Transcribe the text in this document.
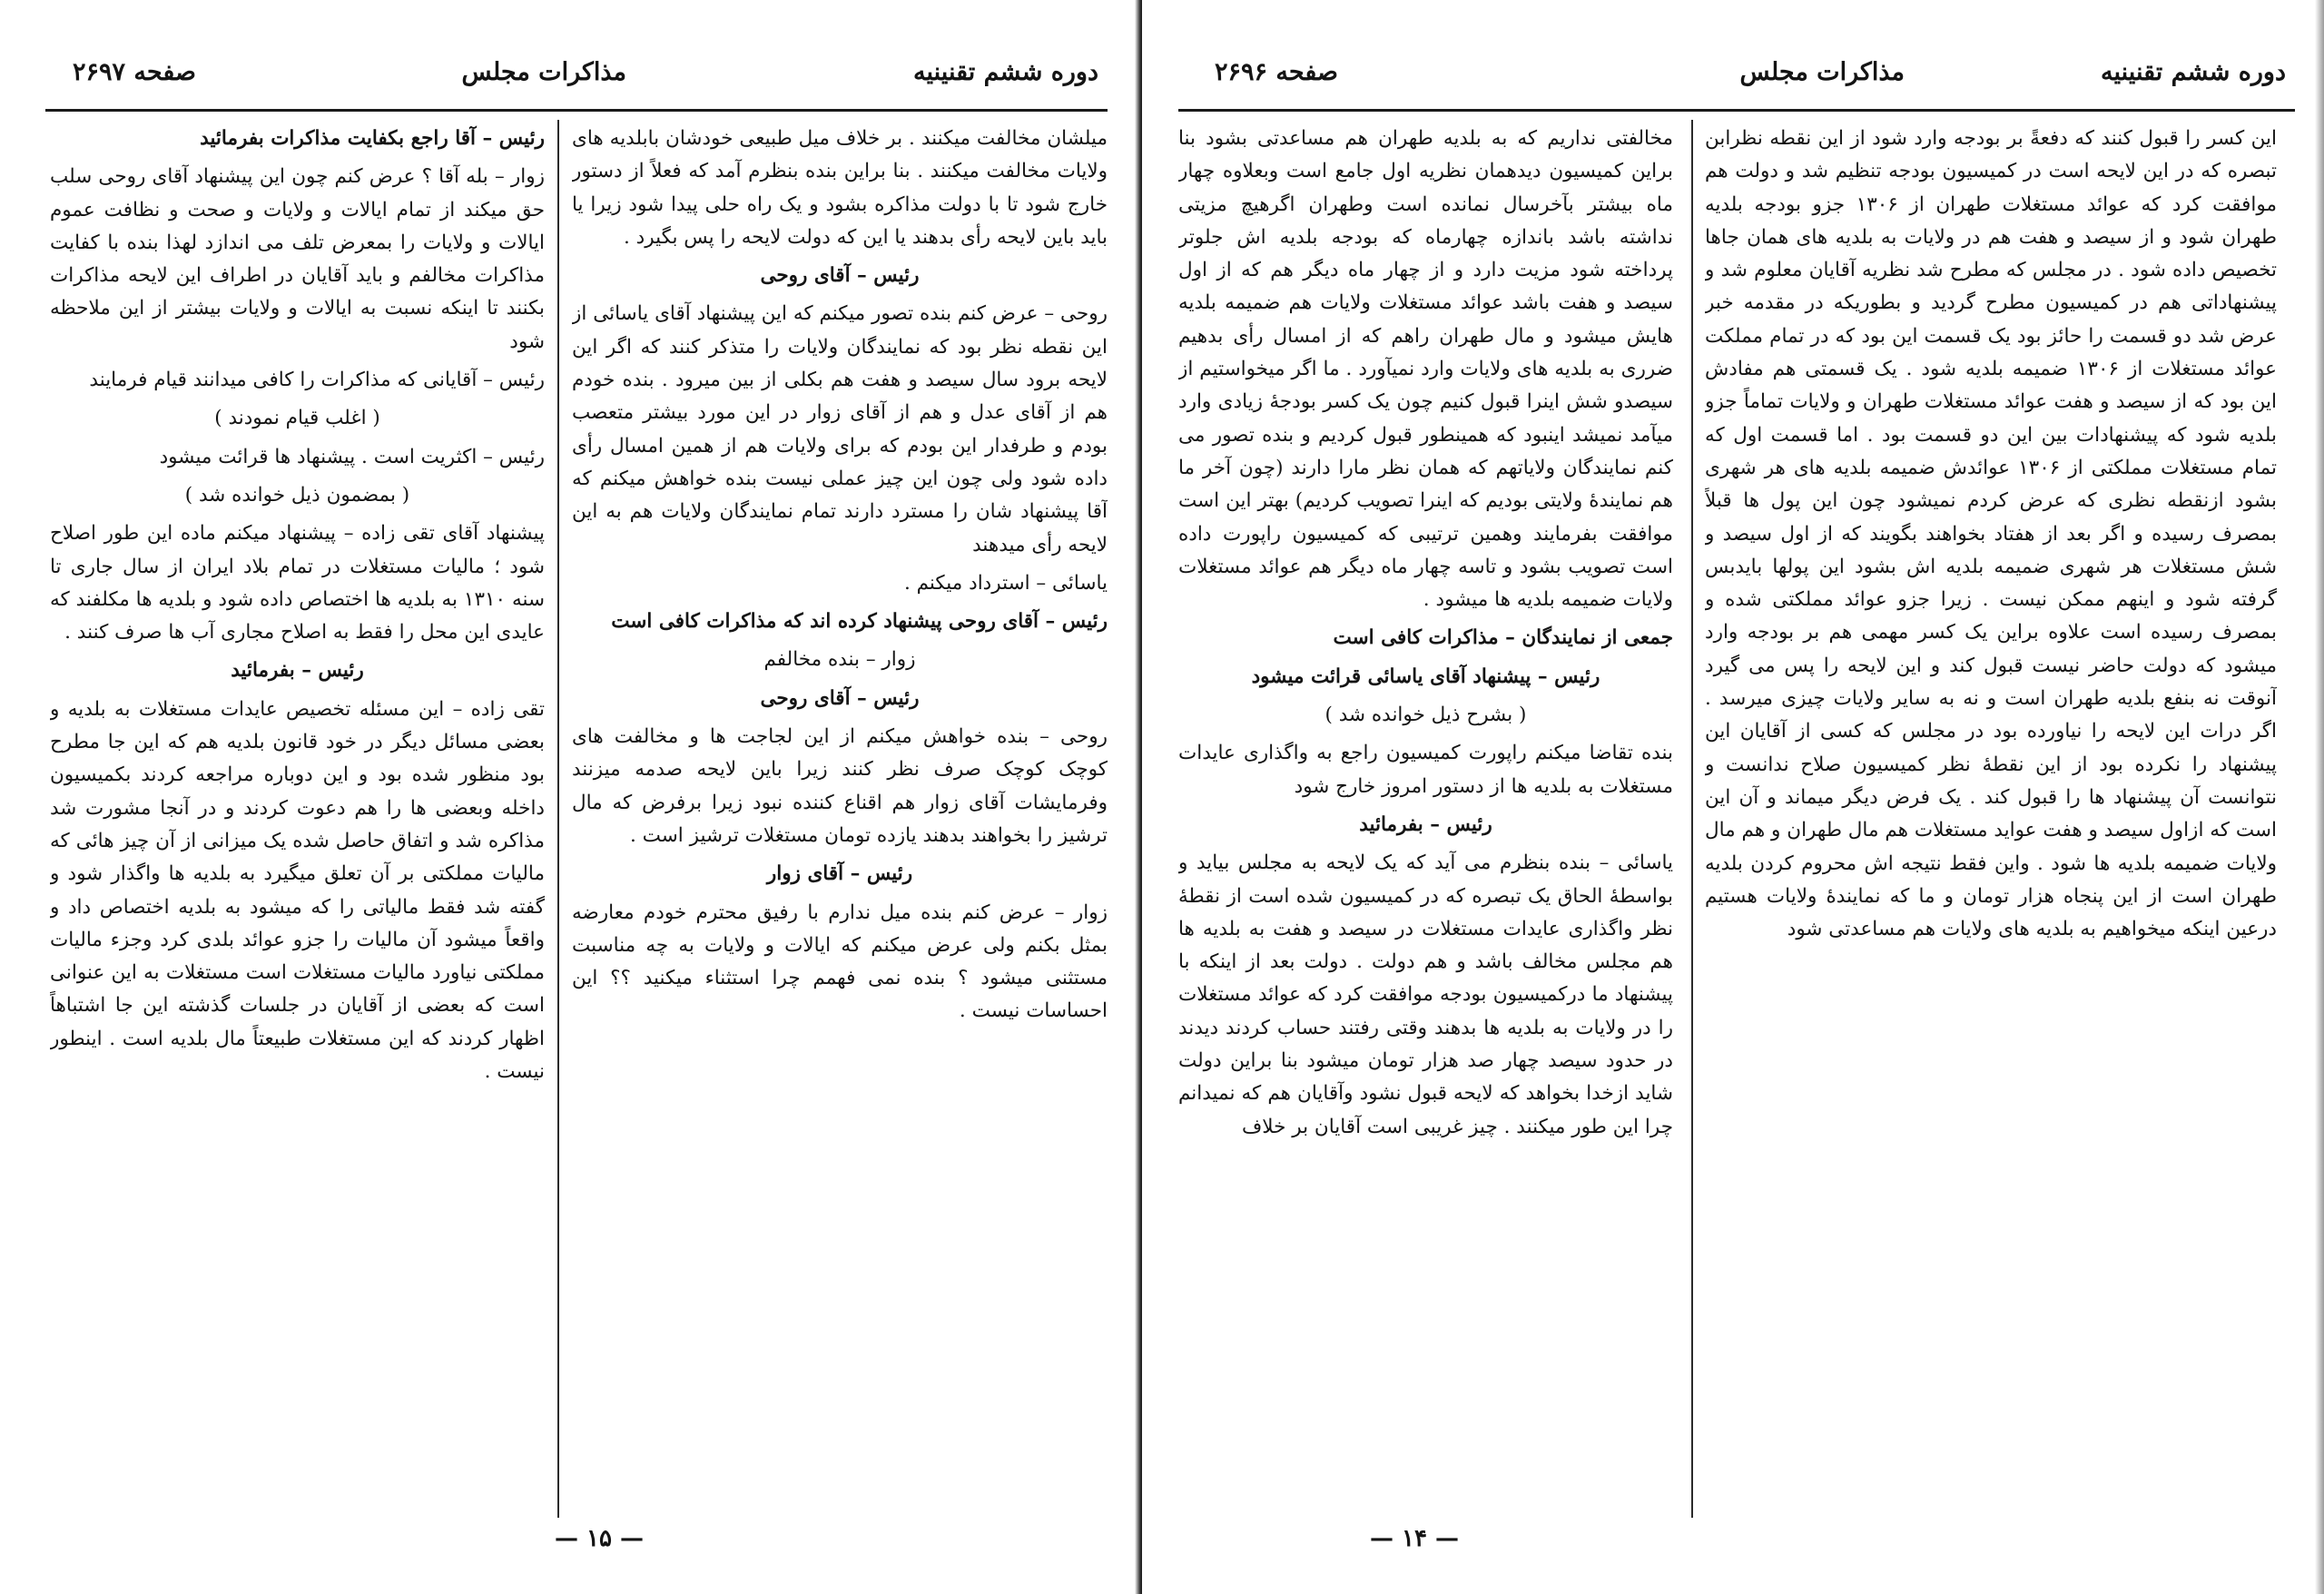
دوره ششم تقنینیه
مذاکرات مجلس
صفحه ۲۶۹۷

میلشان مخالفت میکنند . بر خلاف میل طبیعی خودشان بابلدیه های ولایات مخالفت میکنند . بنا براین بنده بنظرم آمد که فعلاً از دستور خارج شود تا با دولت مذاکره بشود و یک راه حلی پیدا شود زیرا یا باید باین لایحه رأی بدهند یا این که دولت لایحه را پس بگیرد .

رئیس – آقای روحی

روحی – عرض کنم بنده تصور میکنم که این پیشنهاد آقای یاسائی از این نقطه نظر بود که نمایندگان ولایات را متذکر کنند که اگر این لایحه برود سال سیصد و هفت هم بکلی از بین میرود . بنده خودم هم از آقای عدل و هم از آقای زوار در این مورد بیشتر متعصب بودم و طرفدار این بودم که برای ولایات هم از همین امسال رأی داده شود ولی چون این چیز عملی نیست بنده خواهش میکنم که آقا پیشنهاد شان را مسترد دارند تمام نمایندگان ولایات هم به این لایحه رأی میدهند

یاسائی – استرداد میکنم .

رئیس – آقای روحی پیشنهاد کرده اند که مذاکرات کافی است

زوار – بنده مخالفم

رئیس – آقای روحی

روحی – بنده خواهش میکنم از این لجاجت ها و مخالفت های کوچک کوچک صرف نظر کنند زیرا باین لایحه صدمه میزنند وفرمایشات آقای زوار هم اقناع کننده نبود زیرا برفرض که مال ترشیز را بخواهند بدهند یازده تومان مستغلات ترشیز است .

رئیس – آقای زوار

زوار – عرض کنم بنده میل ندارم با رفیق محترم خودم معارضه بمثل بکنم ولی عرض میکنم که ایالات و ولایات به چه مناسبت مستثنی میشود ؟ بنده نمی فهمم چرا استثناء میکنید ؟؟ این احساسات نیست .

رئیس – آقا راجع بکفایت مذاکرات بفرمائید

زوار – بله آقا ؟ عرض کنم چون این پیشنهاد آقای روحی سلب حق میکند از تمام ایالات و ولایات و صحت و نظافت عموم ایالات و ولایات را بمعرض تلف می اندازد لهذا بنده با کفایت مذاکرات مخالفم و باید آقایان در اطراف این لایحه مذاکرات بکنند تا اینکه نسبت به ایالات و ولایات بیشتر از این ملاحظه شود

رئیس – آقایانی که مذاکرات را کافی میدانند قیام فرمایند

( اغلب قیام نمودند )

رئیس – اکثریت است . پیشنهاد ها قرائت میشود

( بمضمون ذیل خوانده شد )

پیشنهاد آقای تقی زاده – پیشنهاد میکنم ماده این طور اصلاح شود ؛ مالیات مستغلات در تمام بلاد ایران از سال جاری تا سنه ۱۳۱۰ به بلدیه ها اختصاص داده شود و بلدیه ها مکلفند که عایدی این محل را فقط به اصلاح مجاری آب ها صرف کنند .

رئیس – بفرمائید

تقی زاده – این مسئله تخصیص عایدات مستغلات به بلدیه و بعضی مسائل دیگر در خود قانون بلدیه هم که این جا مطرح بود منظور شده بود و این دوباره مراجعه کردند بکمیسیون داخله وبعضی ها را هم دعوت کردند و در آنجا مشورت شد مذاکره شد و اتفاق حاصل شده یک میزانی از آن چیز هائی که مالیات مملکتی بر آن تعلق میگیرد به بلدیه ها واگذار شود و گفته شد فقط مالیاتی را که میشود به بلدیه اختصاص داد و واقعاً میشود آن مالیات را جزو عوائد بلدی کرد وجزء مالیات مملکتی نیاورد مالیات مستغلات است مستغلات به این عنوانی است که بعضی از آقایان در جلسات گذشته این جا اشتباهاً اظهار کردند که این مستغلات طبیعتاً مال بلدیه است . اینطور نیست .

— ۱۵ —
دوره ششم تقنینیه
مذاکرات مجلس
صفحه ۲۶۹۶

این کسر را قبول کنند که دفعةً بر بودجه وارد شود از این نقطه نظرابن تبصره که در این لایحه است در کمیسیون بودجه تنظیم شد و دولت هم موافقت کرد که عوائد مستغلات طهران از ۱۳۰۶ جزو بودجه بلدیه طهران شود و از سیصد و هفت هم در ولایات به بلدیه های همان جاها تخصیص داده شود . در مجلس که مطرح شد نظریه آقایان معلوم شد و پیشنهاداتی هم در کمیسیون مطرح گردید و بطوریکه در مقدمه خبر عرض شد دو قسمت را حائز بود یک قسمت این بود که در تمام مملکت عوائد مستغلات از ۱۳۰۶ ضمیمه بلدیه شود . یک قسمتی هم مفادش این بود که از سیصد و هفت عوائد مستغلات طهران و ولایات تماماً جزو بلدیه شود که پیشنهادات بین این دو قسمت بود . اما قسمت اول که تمام مستغلات مملکتی از ۱۳۰۶ عوائدش ضمیمه بلدیه های هر شهری بشود ازنقطه نظری که عرض کردم نمیشود چون این پول ها قبلاً بمصرف رسیده و اگر بعد از هفتاد بخواهند بگویند که از اول سیصد و شش مستغلات هر شهری ضمیمه بلدیه اش بشود این پولها بایدبس گرفته شود و اینهم ممکن نیست . زیرا جزو عوائد مملکتی شده و بمصرف رسیده است علاوه براین یک کسر مهمی هم بر بودجه وارد میشود که دولت حاضر نیست قبول کند و این لایحه را پس می گیرد آنوقت نه بنفع بلدیه طهران است و نه به سایر ولایات چیزی میرسد . اگر درات این لایحه را نیاورده بود در مجلس که کسی از آقایان این پیشنهاد را نکرده بود از این نقطهٔ نظر کمیسیون صلاح ندانست و نتوانست آن پیشنهاد ها را قبول کند . یک فرض دیگر میماند و آن این است که ازاول سیصد و هفت عواید مستغلات هم مال طهران و هم مال ولایات ضمیمه بلدیه ها شود . واین فقط نتیجه اش محروم کردن بلدیه طهران است از این پنجاه هزار تومان و ما که نمایندهٔ ولایات هستیم درعین اینکه میخواهیم به بلدیه های ولایات هم مساعدتی شود

مخالفتی نداریم که به بلدیه طهران هم مساعدتی بشود بنا براین کمیسیون دیدهمان نظریه اول جامع است وبعلاوه چهار ماه بیشتر بآخرسال نمانده است وطهران اگرهیچ مزیتی نداشته باشد باندازه چهارماه که بودجه بلدیه اش جلوتر پرداخته شود مزیت دارد و از چهار ماه دیگر هم که از اول سیصد و هفت باشد عوائد مستغلات ولایات هم ضمیمه بلدیه هایش میشود و مال طهران راهم که از امسال رأی بدهیم ضرری به بلدیه های ولایات وارد نمیآورد . ما اگر میخواستیم از سیصدو شش اینرا قبول کنیم چون یک کسر بودجهٔ زیادی وارد میآمد نمیشد اینبود که همینطور قبول کردیم و بنده تصور می کنم نمایندگان ولایاتهم که همان نظر مارا دارند (چون آخر ما هم نمایندهٔ ولایتی بودیم که اینرا تصویب کردیم) بهتر این است موافقت بفرمایند وهمین ترتیبی که کمیسیون راپورت داده است تصویب بشود و تاسه چهار ماه دیگر هم عوائد مستغلات ولایات ضمیمه بلدیه ها میشود .

جمعی از نمایندگان – مذاکرات کافی است

رئیس – پیشنهاد آقای یاسائی قرائت میشود

( بشرح ذیل خوانده شد )

بنده تقاضا میکنم راپورت کمیسیون راجع به واگذاری عایدات مستغلات به بلدیه ها از دستور امروز خارج شود

رئیس – بفرمائید

یاسائی – بنده بنظرم می آید که یک لایحه به مجلس بیاید و بواسطهٔ الحاق یک تبصره که در کمیسیون شده است از نقطهٔ نظر واگذاری عایدات مستغلات در سیصد و هفت به بلدیه ها هم مجلس مخالف باشد و هم دولت . دولت بعد از اینکه با پیشنهاد ما درکمیسیون بودجه موافقت کرد که عوائد مستغلات را در ولایات به بلدیه ها بدهند وقتی رفتند حساب کردند دیدند در حدود سیصد چهار صد هزار تومان میشود بنا براین دولت شاید ازخدا بخواهد که لایحه قبول نشود وآقایان هم که نمیدانم چرا این طور میکنند . چیز غریبی است آقایان بر خلاف

— ۱۴ —
